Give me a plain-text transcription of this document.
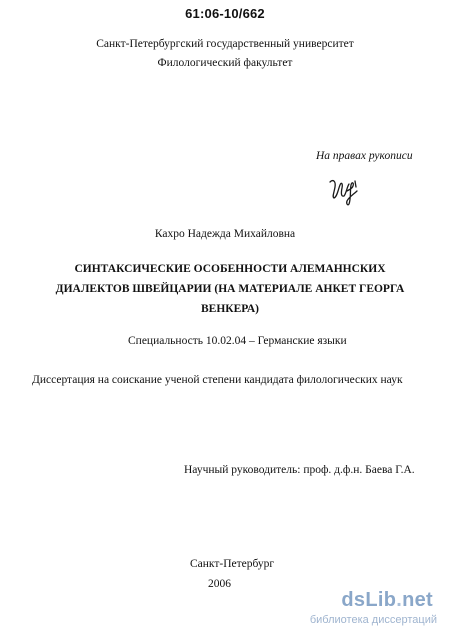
61:06-10/662
Санкт-Петербургский государственный университет
Филологический факультет
На правах рукописи
Кахро Надежда Михайловна
СИНТАКСИЧЕСКИЕ ОСОБЕННОСТИ АЛЕМАННСКИХ ДИАЛЕКТОВ ШВЕЙЦАРИИ (НА МАТЕРИАЛЕ АНКЕТ ГЕОРГА ВЕНКЕРА)
Специальность 10.02.04 – Германские языки
Диссертация на соискание ученой степени кандидата филологических наук
Научный руководитель: проф. д.ф.н. Баева Г.А.
Санкт-Петербург
2006
dsLib.net
библиотека диссертаций
